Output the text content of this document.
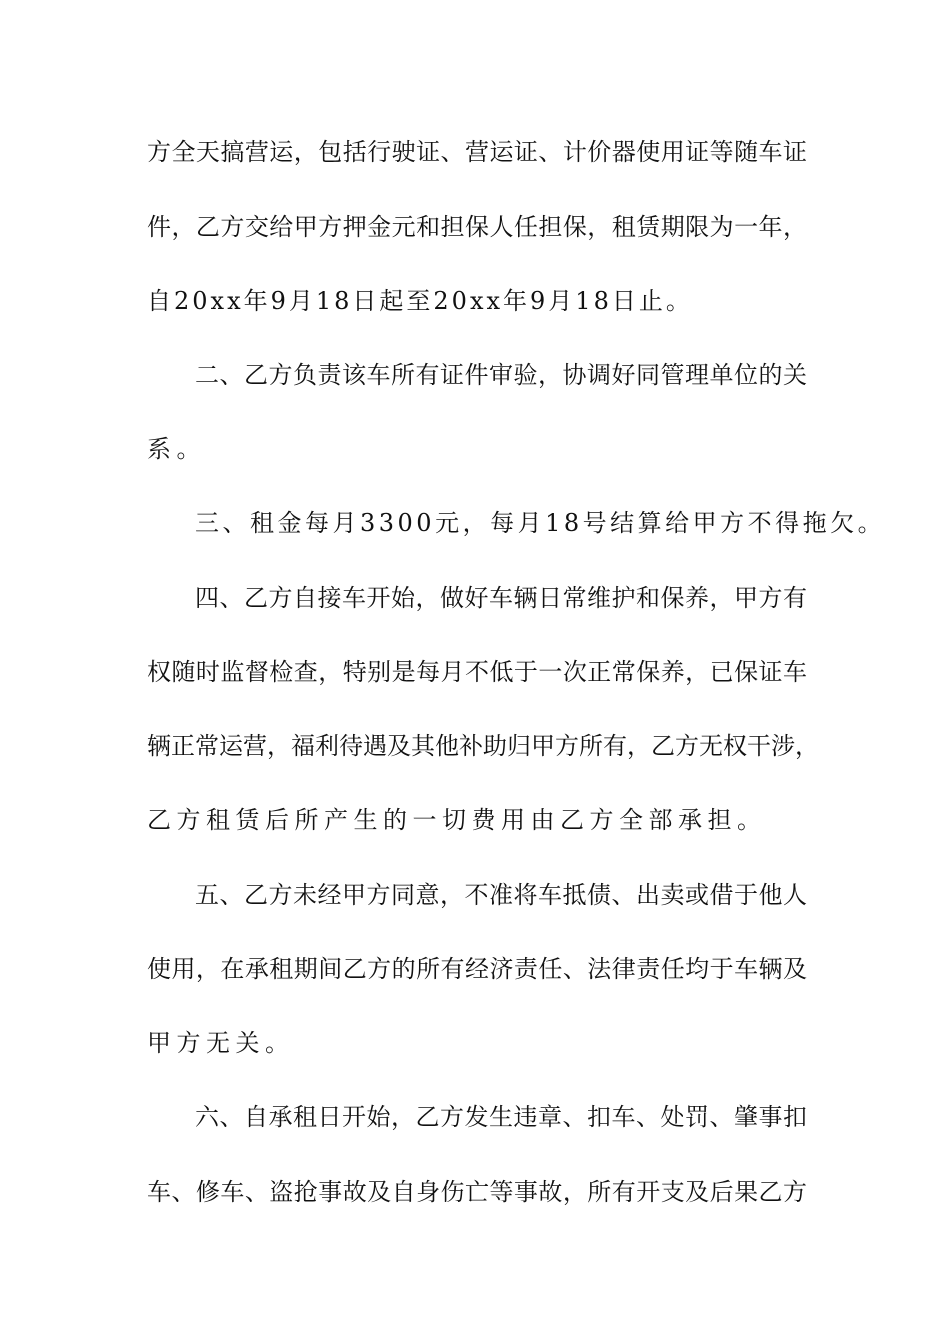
方全天搞营运，包括行驶证、营运证、计价器使用证等随车证
件，乙方交给甲方押金元和担保人任担保，租赁期限为一年，
自20xx年9月18日起至20xx年9月18日止。
二、乙方负责该车所有证件审验，协调好同管理单位的关
系。
三、租金每月3300元，每月18号结算给甲方不得拖欠。
四、乙方自接车开始，做好车辆日常维护和保养，甲方有
权随时监督检查，特别是每月不低于一次正常保养，已保证车
辆正常运营，福利待遇及其他补助归甲方所有，乙方无权干涉，
乙方租赁后所产生的一切费用由乙方全部承担。
五、乙方未经甲方同意，不准将车抵债、出卖或借于他人
使用，在承租期间乙方的所有经济责任、法律责任均于车辆及
甲方无关。
六、自承租日开始，乙方发生违章、扣车、处罚、肇事扣
车、修车、盗抢事故及自身伤亡等事故，所有开支及后果乙方
